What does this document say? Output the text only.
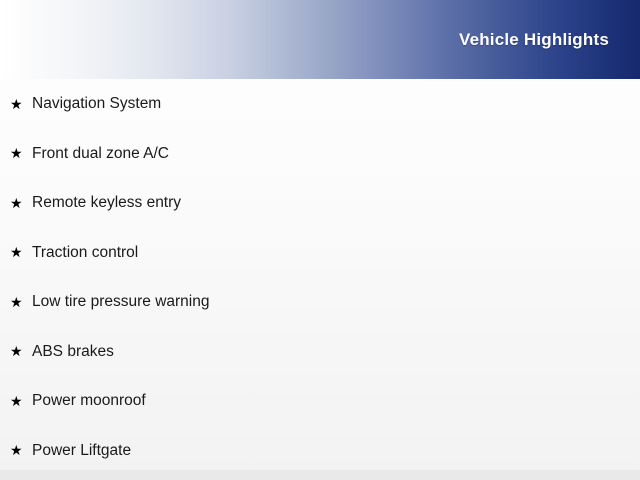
Vehicle Highlights
★ Navigation System
★ Front dual zone A/C
★ Remote keyless entry
★ Traction control
★ Low tire pressure warning
★ ABS brakes
★ Power moonroof
★ Power Liftgate
